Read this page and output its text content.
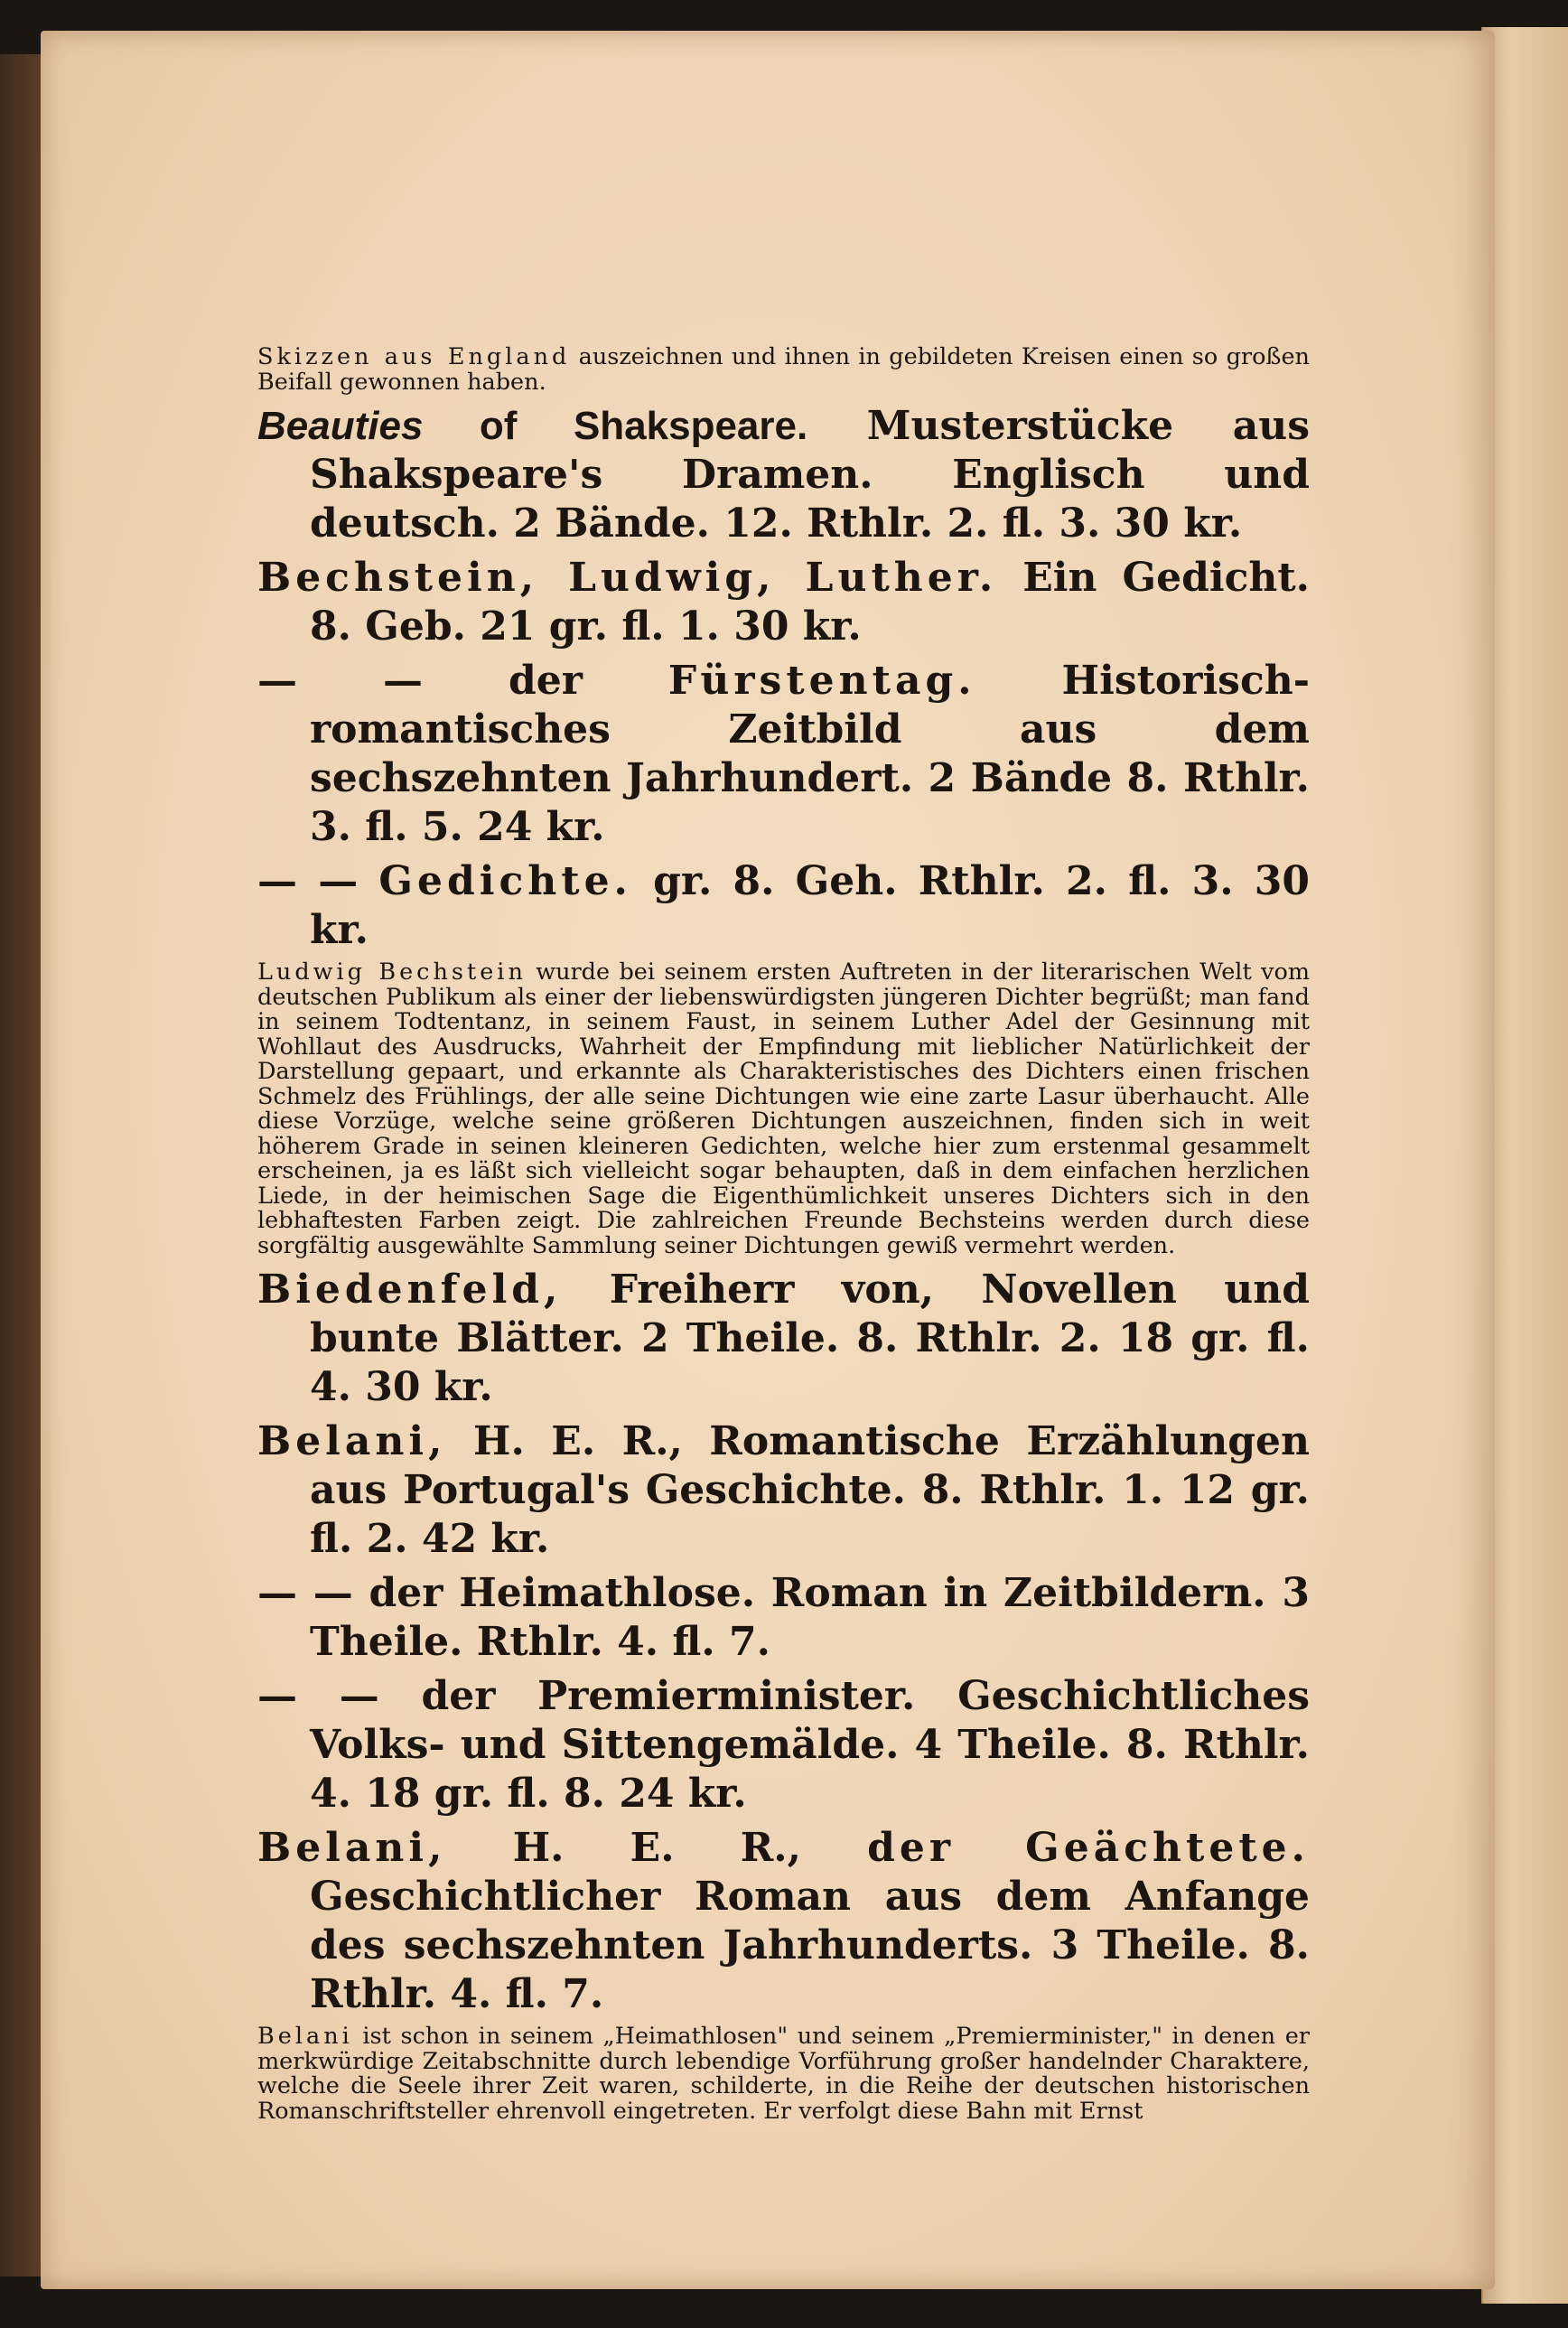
Skizzen aus England auszeichnen und ihnen in gebildeten Kreisen einen so großen Beifall gewonnen haben.

Beauties of Shakspeare. Musterstücke aus Shakspeare's Dramen. Englisch und deutsch. 2 Bände. 12. Rthlr. 2. fl. 3. 30 kr.

Bechstein, Ludwig, Luther. Ein Gedicht. 8. Geb. 21 gr. fl. 1. 30 kr.

— — der Fürstentag. Historisch-romantisches Zeitbild aus dem sechszehnten Jahrhundert. 2 Bände 8. Rthlr. 3. fl. 5. 24 kr.

— — Gedichte. gr. 8. Geh. Rthlr. 2. fl. 3. 30 kr.

Ludwig Bechstein wurde bei seinem ersten Auftreten in der literarischen Welt vom deutschen Publikum als einer der liebenswürdigsten jüngeren Dichter begrüßt; man fand in seinem Todtentanz, in seinem Faust, in seinem Luther Adel der Gesinnung mit Wohllaut des Ausdrucks, Wahrheit der Empfindung mit lieblicher Natürlichkeit der Darstellung gepaart, und erkannte als Charakteristisches des Dichters einen frischen Schmelz des Frühlings, der alle seine Dichtungen wie eine zarte Lasur überhaucht. Alle diese Vorzüge, welche seine größeren Dichtungen auszeichnen, finden sich in weit höherem Grade in seinen kleineren Gedichten, welche hier zum erstenmal gesammelt erscheinen, ja es läßt sich vielleicht sogar behaupten, daß in dem einfachen herzlichen Liede, in der heimischen Sage die Eigenthümlichkeit unseres Dichters sich in den lebhaftesten Farben zeigt. Die zahlreichen Freunde Bechsteins werden durch diese sorgfältig ausgewählte Sammlung seiner Dichtungen gewiß vermehrt werden.

Biedenfeld, Freiherr von, Novellen und bunte Blätter. 2 Theile. 8. Rthlr. 2. 18 gr. fl. 4. 30 kr.

Belani, H. E. R., Romantische Erzählungen aus Portugal's Geschichte. 8. Rthlr. 1. 12 gr. fl. 2. 42 kr.

— — der Heimathlose. Roman in Zeitbildern. 3 Theile. Rthlr. 4. fl. 7.

— — der Premierminister. Geschichtliches Volks- und Sittengemälde. 4 Theile. 8. Rthlr. 4. 18 gr. fl. 8. 24 kr.

Belani, H. E. R., der Geächtete. Geschichtlicher Roman aus dem Anfange des sechszehnten Jahrhunderts. 3 Theile. 8. Rthlr. 4. fl. 7.

Belani ist schon in seinem „Heimathlosen" und seinem „Premierminister," in denen er merkwürdige Zeitabschnitte durch lebendige Vorführung großer handelnder Charaktere, welche die Seele ihrer Zeit waren, schilderte, in die Reihe der deutschen historischen Romanschriftsteller ehrenvoll eingetreten. Er verfolgt diese Bahn mit Ernst
